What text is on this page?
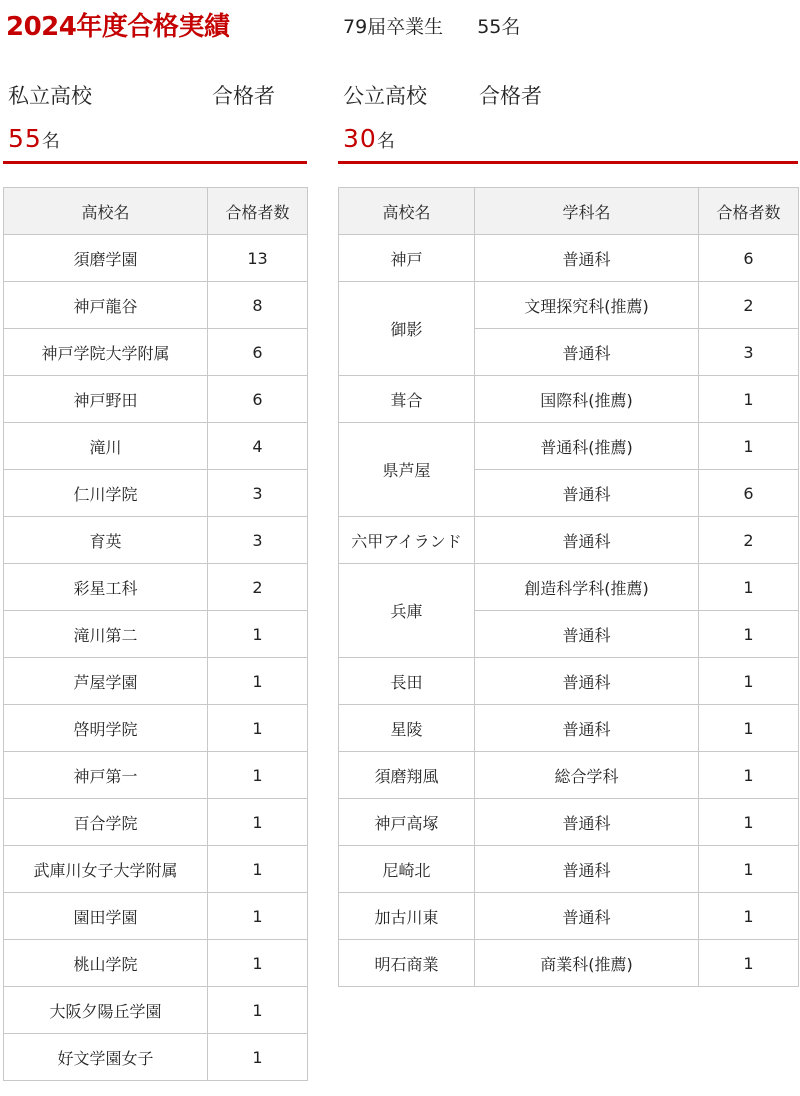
2024年度合格実績	79届卒業生 55名
私立高校	合格者
55名
公立高校 合格者
30名
高校名	合格者数
須磨学園	13
神戸龍谷	8
神戸学院大学附属	6
神戸野田	6
滝川	4
仁川学院	3
育英	3
彩星工科	2
滝川第二	1
芦屋学園	1
啓明学院	1
神戸第一	1
百合学院	1
武庫川女子大学附属	1
園田学園	1
桃山学院	1
大阪夕陽丘学園	1
好文学園女子	1
高校名	学科名	合格者数
神戸	普通科	6
御影	文理探究科(推薦)	2
	普通科	3
葺合	国際科(推薦)	1
県芦屋	普通科(推薦)	1
	普通科	6
六甲アイランド	普通科	2
兵庫	創造科学科(推薦)	1
	普通科	1
長田	普通科	1
星陵	普通科	1
須磨翔風	総合学科	1
神戸高塚	普通科	1
尼崎北	普通科	1
加古川東	普通科	1
明石商業	商業科(推薦)	1
